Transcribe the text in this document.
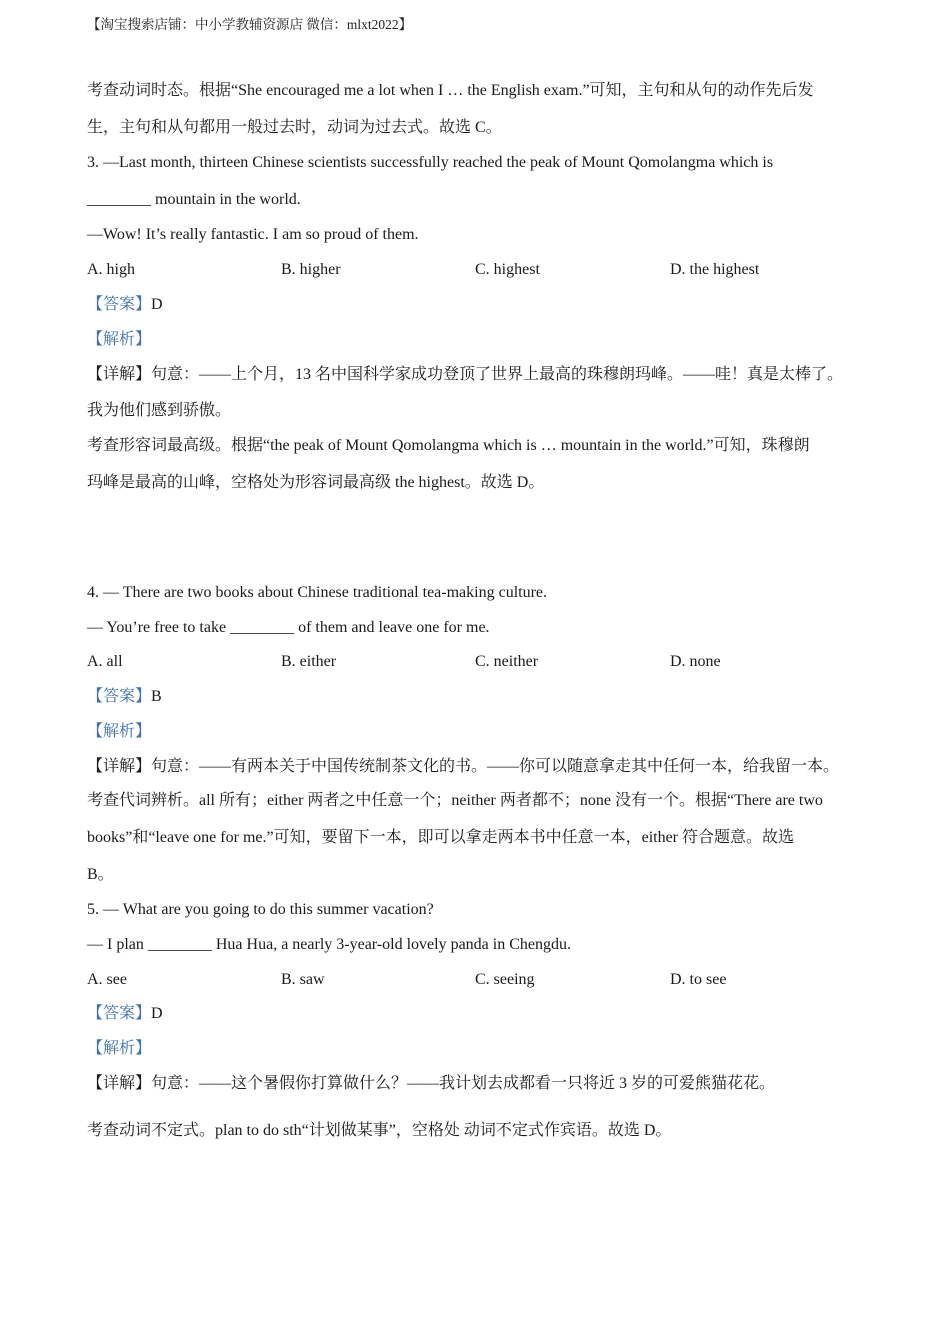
【淘宝搜索店铺：中小学教辅资源店 微信：mlxt2022】
考查动词时态。根据“She encouraged me a lot when I … the English exam.”可知，主句和从句的动作先后发
生，主句和从句都用一般过去时，动词为过去式。故选 C。
3. —Last month, thirteen Chinese scientists successfully reached the peak of Mount Qomolangma which is
________ mountain in the world.
—Wow! It’s really fantastic. I am so proud of them.
A. high	B. higher	C. highest	D. the highest
【答案】D
【解析】
【详解】句意：——上个月，13 名中国科学家成功登顶了世界上最高的珠穆朗玛峰。——哇！真是太棒了。
我为他们感到骄傲。
考查形容词最高级。根据“the peak of Mount Qomolangma which is … mountain in the world.”可知，珠穆朗
玛峰是最高的山峰，空格处为形容词最高级 the highest。故选 D。
4. — There are two books about Chinese traditional tea-making culture.
— You’re free to take ________ of them and leave one for me.
A. all	B. either	C. neither	D. none
【答案】B
【解析】
【详解】句意：——有两本关于中国传统制茶文化的书。——你可以随意拿走其中任何一本，给我留一本。
考查代词辨析。all 所有；either 两者之中任意一个；neither 两者都不；none 没有一个。根据“There are two
books”和“leave one for me.”可知，要留下一本，即可以拿走两本书中任意一本，either 符合题意。故选
B。
5. — What are you going to do this summer vacation?
— I plan ________ Hua Hua, a nearly 3-year-old lovely panda in Chengdu.
A. see	B. saw	C. seeing	D. to see
【答案】D
【解析】
【详解】句意：——这个暑假你打算做什么？——我计划去成都看一只将近 3 岁的可爱熊猫花花。
考查动词不定式。plan to do sth“计划做某事”，空格处 动词不定式作宾语。故选 D。
